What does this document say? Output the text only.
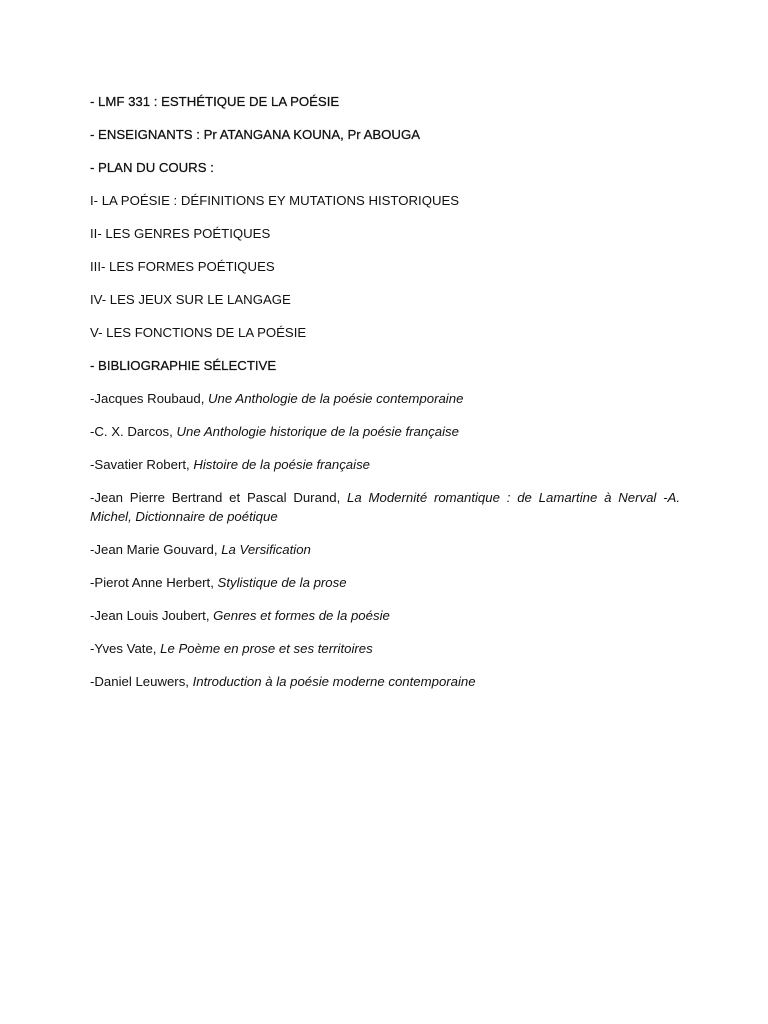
- LMF 331 : ESTHÉTIQUE DE LA POÉSIE

- ENSEIGNANTS : Pr ATANGANA KOUNA, Pr ABOUGA

- PLAN DU COURS :

I- LA POÉSIE : DÉFINITIONS EY MUTATIONS HISTORIQUES

II- LES GENRES POÉTIQUES

III- LES FORMES POÉTIQUES

IV- LES JEUX SUR LE LANGAGE

V- LES FONCTIONS DE LA POÉSIE

- BIBLIOGRAPHIE SÉLECTIVE

-Jacques Roubaud, Une Anthologie de la poésie contemporaine

-C. X. Darcos, Une Anthologie historique de la poésie française

-Savatier Robert, Histoire de la poésie française

-Jean Pierre Bertrand et Pascal Durand, La Modernité romantique : de Lamartine à Nerval -A. Michel, Dictionnaire de poétique

-Jean Marie Gouvard, La Versification

-Pierot Anne Herbert, Stylistique de la prose

-Jean Louis Joubert, Genres et formes de la poésie

-Yves Vate, Le Poème en prose et ses territoires

-Daniel Leuwers, Introduction à la poésie moderne contemporaine
